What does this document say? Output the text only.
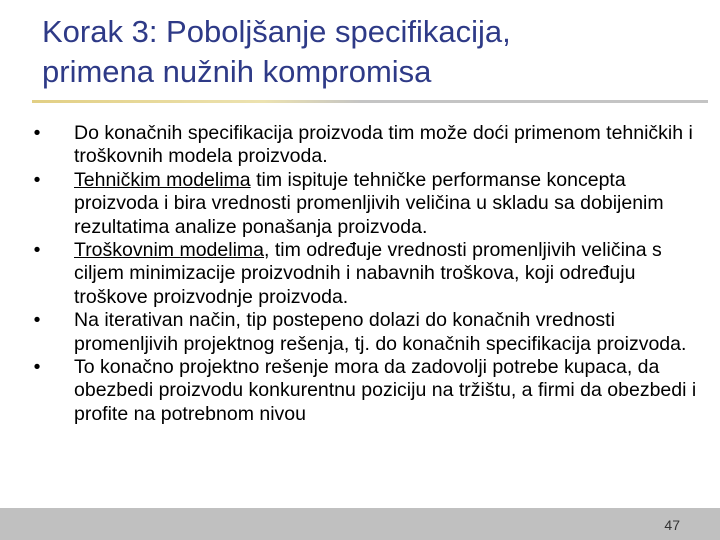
Korak 3: Poboljšanje specifikacija,
primena nužnih kompromisa
• Do konačnih specifikacija proizvoda tim može doći primenom tehničkih i troškovnih modela proizvoda.
• Tehničkim modelima tim ispituje tehničke performanse koncepta proizvoda i bira vrednosti promenljivih veličina u skladu sa dobijenim rezultatima analize ponašanja proizvoda.
• Troškovnim modelima, tim određuje vrednosti promenljivih veličina s ciljem minimizacije proizvodnih i nabavnih troškova, koji određuju troškove proizvodnje proizvoda.
• Na iterativan način, tip postepeno dolazi do konačnih vrednosti promenljivih projektnog rešenja, tj. do konačnih specifikacija proizvoda.
• To konačno projektno rešenje mora da zadovolji potrebe kupaca, da obezbedi proizvodu konkurentnu poziciju na tržištu, a firmi da obezbedi i profite na potrebnom nivou
47
